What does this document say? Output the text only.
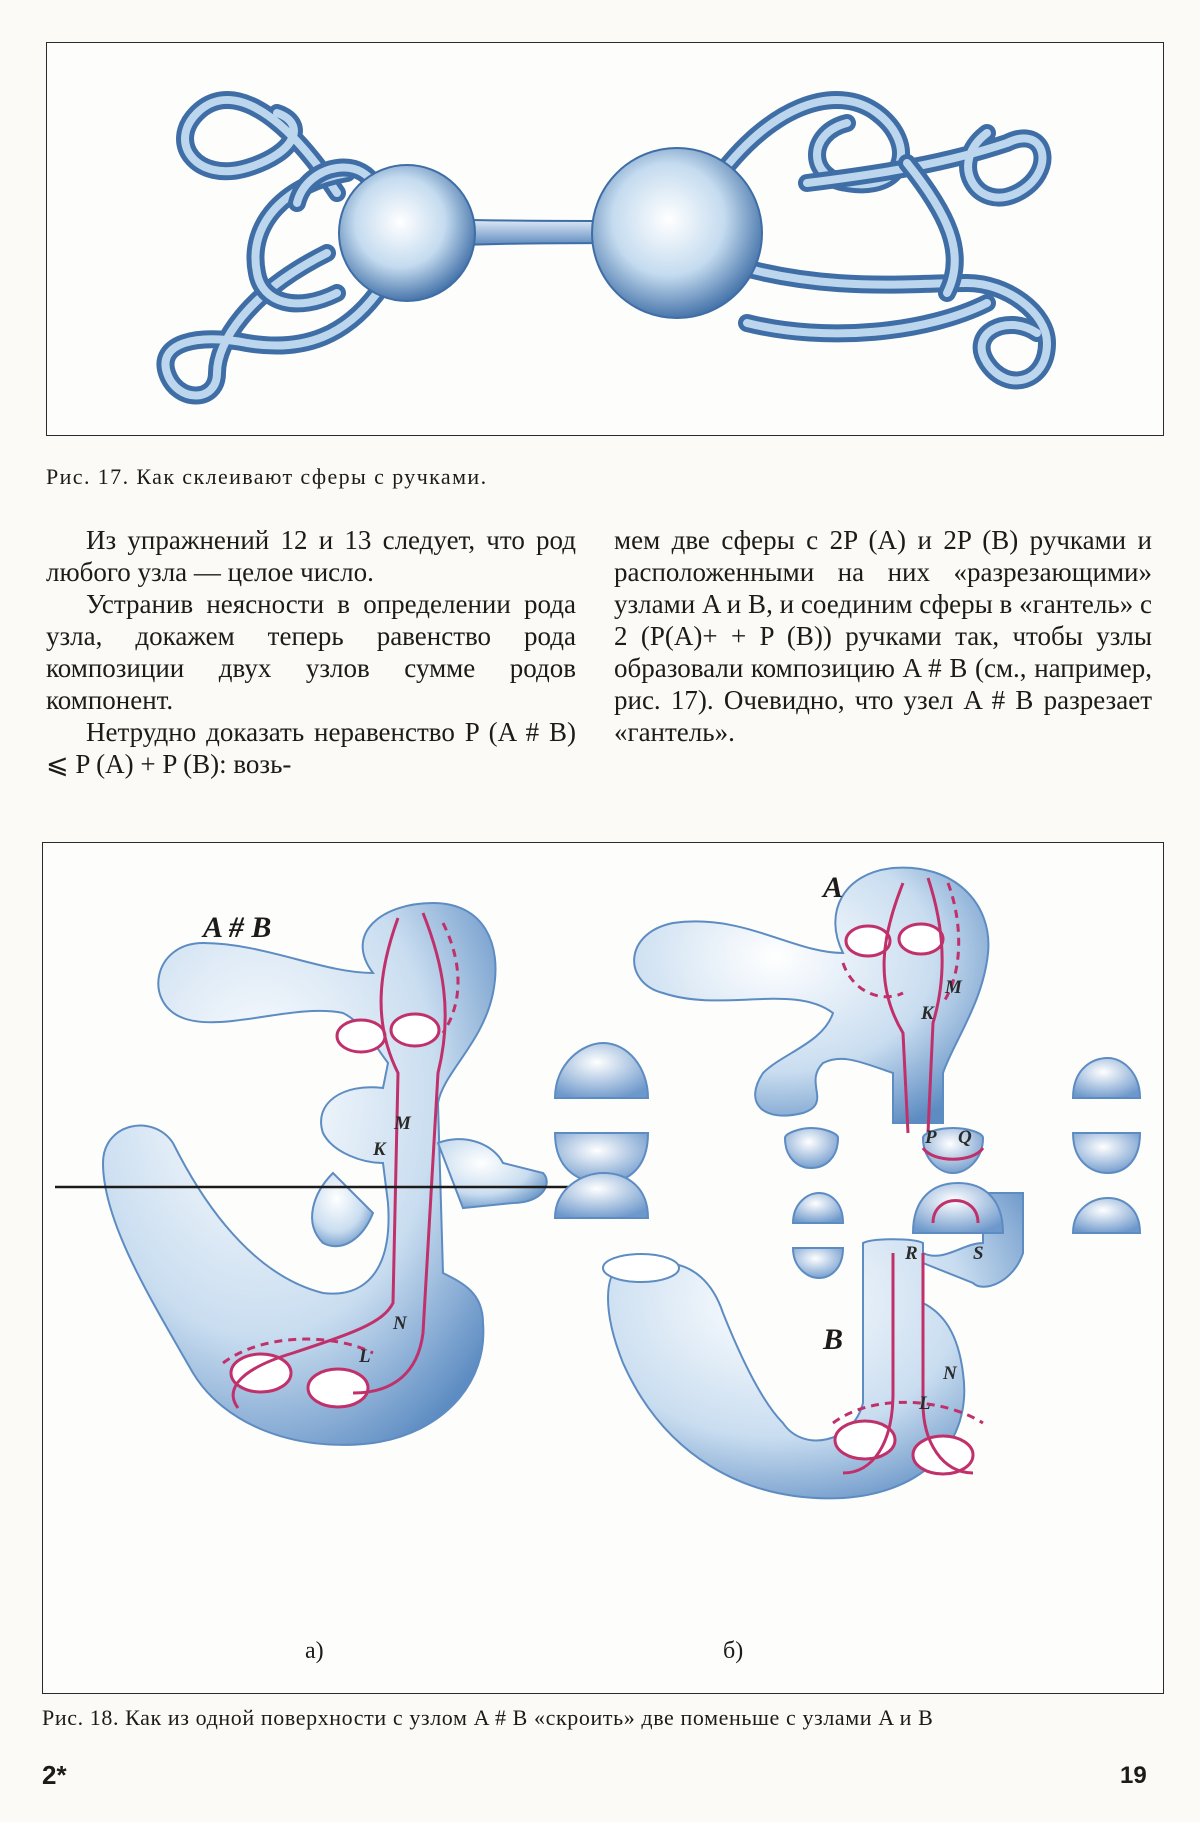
Рис. 17. Как склеивают сферы с ручками.

Из упражнений 12 и 13 следует, что род любого узла — целое число.

Устранив неясности в определении рода узла, докажем теперь равенство рода композиции двух узлов сумме родов компонент.

Нетрудно доказать неравенство P (A # B) ⩽ P (A) + P (B): возь-

мем две сферы с 2P (A) и 2P (B) ручками и расположенными на них «разрезающими» узлами A и B, и соединим сферы в «гантель» с 2 (P(A)+ + P (B)) ручками так, чтобы узлы образовали композицию A # B (см., например, рис. 17). Очевидно, что узел A # B разрезает «гантель».

A # B
A
B
M
K
N
L
M
K
P Q
R	S
N
L
а)	б)
Рис. 18. Как из одной поверхности с узлом A # B «скроить» две поменьше с узлами A и B
2*	19
